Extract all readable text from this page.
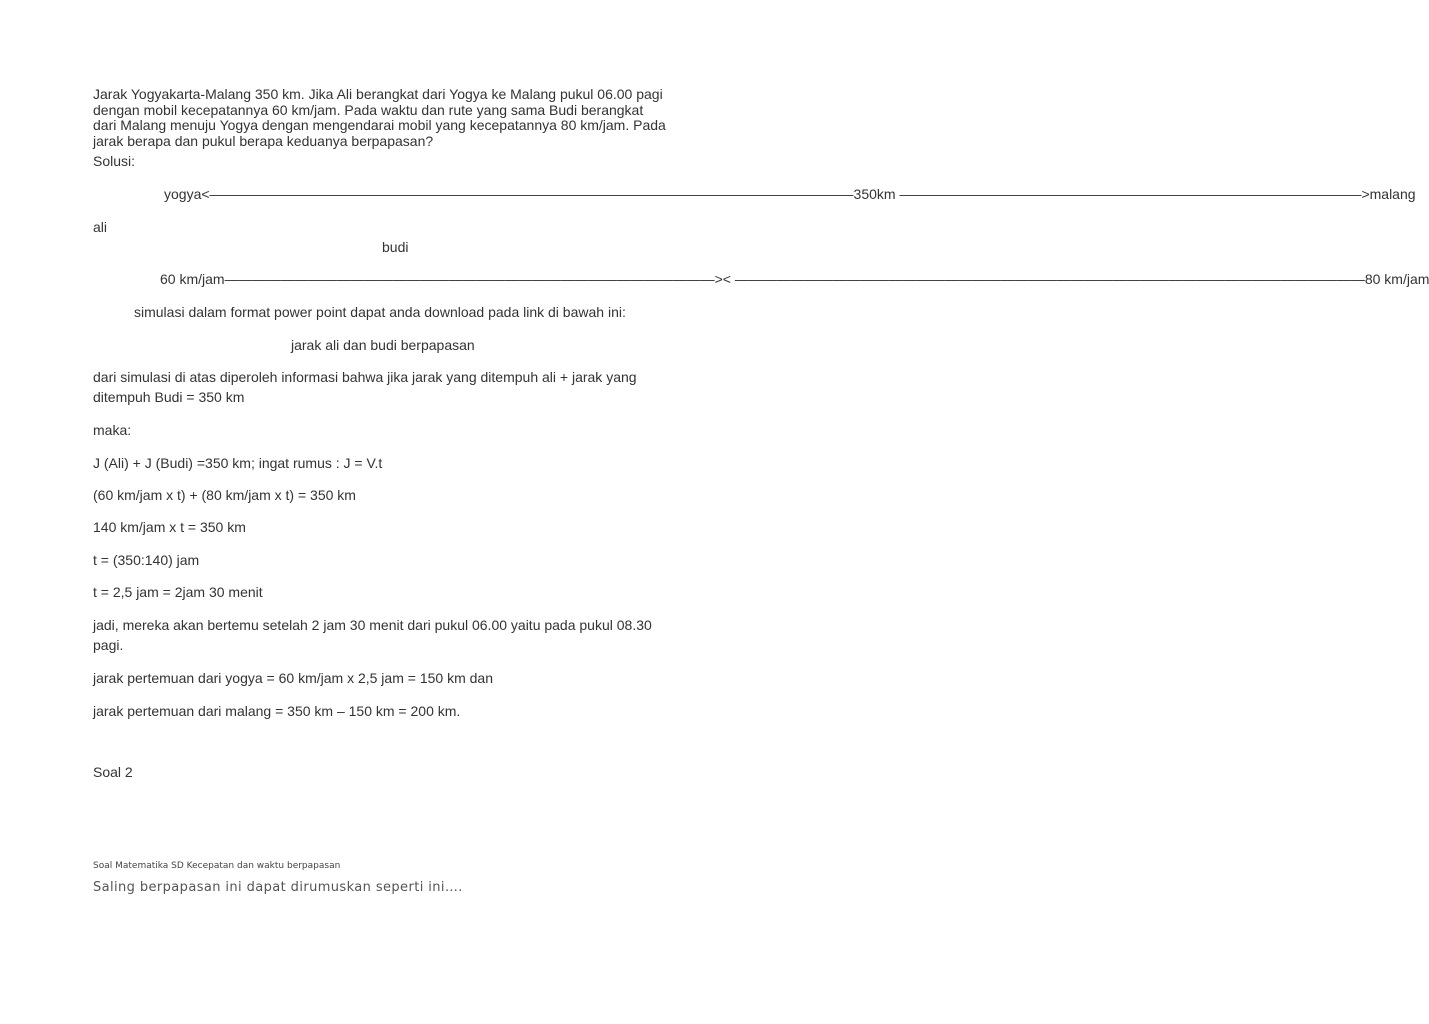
Jarak Yogyakarta-Malang 350 km. Jika Ali berangkat dari Yogya ke Malang pukul 06.00 pagi
dengan mobil kecepatannya 60 km/jam. Pada waktu dan rute yang sama Budi berangkat
dari Malang menuju Yogya dengan mengendarai mobil yang kecepatannya 80 km/jam. Pada
jarak berapa dan pukul berapa keduanya berpapasan?

Solusi:
yogya<——————————————————————————————————————————————350km —————————————————————————————————>malang
ali
budi
60 km/jam———————————————————————————————————>< —————————————————————————————————————————————80 km/jam
simulasi dalam format power point dapat anda download pada link di bawah ini:
jarak ali dan budi berpapasan
dari simulasi di atas diperoleh informasi bahwa jika jarak yang ditempuh ali + jarak yang
ditempuh Budi = 350 km
maka:
J (Ali) + J (Budi) =350 km; ingat rumus : J = V.t
(60 km/jam x t) + (80 km/jam x t) = 350 km
140 km/jam x t = 350 km
t = (350:140) jam
t = 2,5 jam = 2jam 30 menit
jadi, mereka akan bertemu setelah 2 jam 30 menit dari pukul 06.00 yaitu pada pukul 08.30
pagi.
jarak pertemuan dari yogya = 60 km/jam x 2,5 jam = 150 km dan
jarak pertemuan dari malang = 350 km – 150 km = 200 km.
Soal 2
Soal Matematika SD Kecepatan dan waktu berpapasan
Saling berpapasan ini dapat dirumuskan seperti ini….
